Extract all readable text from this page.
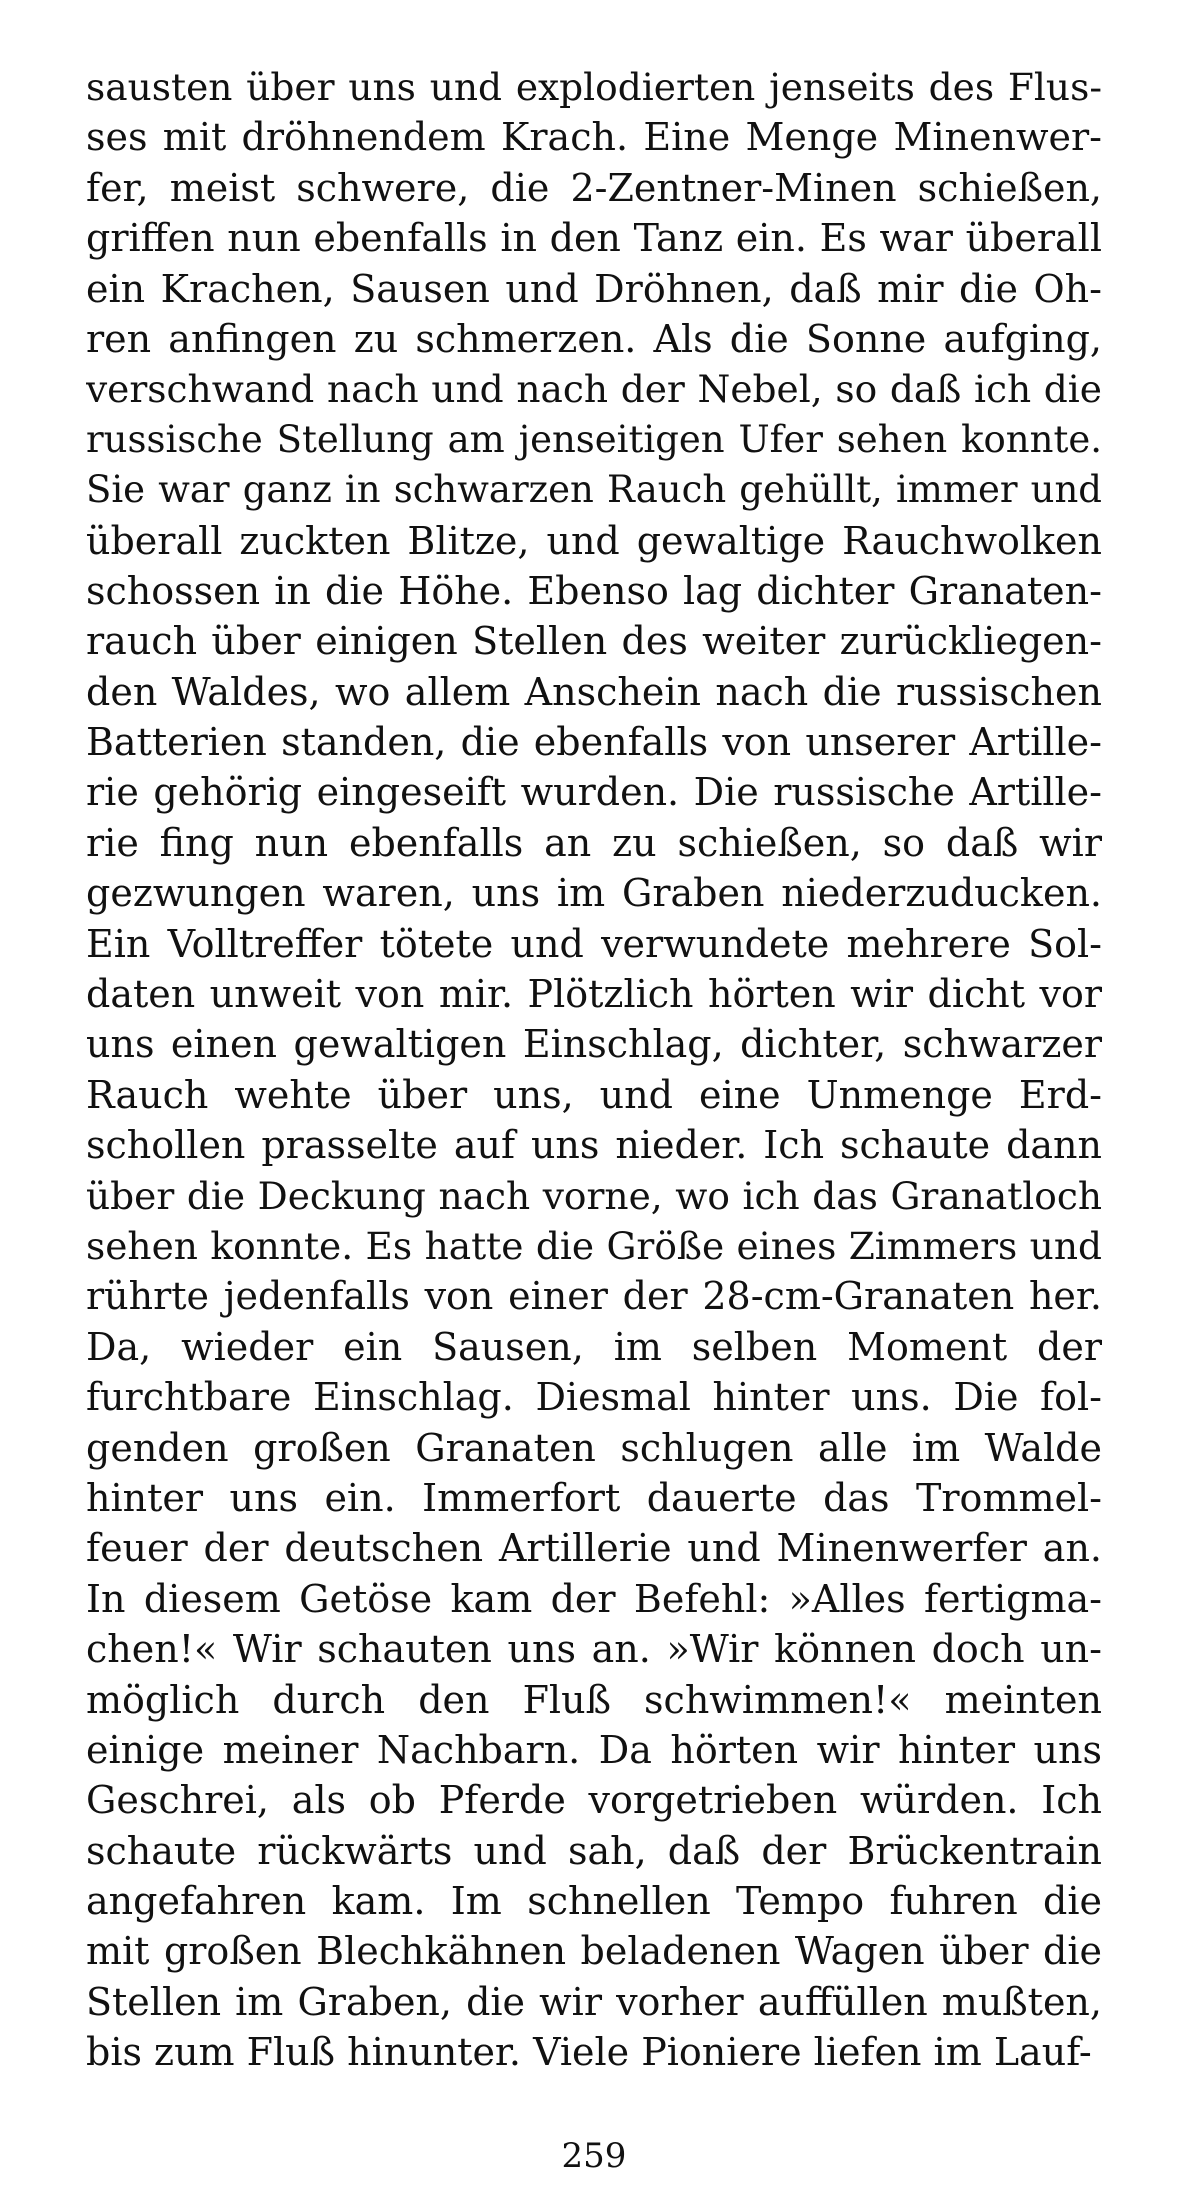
sausten über uns und explodierten jenseits des Flus-
ses mit dröhnendem Krach. Eine Menge Minenwer-
fer, meist schwere, die 2-Zentner-Minen schießen,
griffen nun ebenfalls in den Tanz ein. Es war überall
ein Krachen, Sausen und Dröhnen, daß mir die Oh-
ren anfingen zu schmerzen. Als die Sonne aufging,
verschwand nach und nach der Nebel, so daß ich die
russische Stellung am jenseitigen Ufer sehen konnte.
Sie war ganz in schwarzen Rauch gehüllt, immer und
überall zuckten Blitze, und gewaltige Rauchwolken
schossen in die Höhe. Ebenso lag dichter Granaten-
rauch über einigen Stellen des weiter zurückliegen-
den Waldes, wo allem Anschein nach die russischen
Batterien standen, die ebenfalls von unserer Artille-
rie gehörig eingeseift wurden. Die russische Artille-
rie fing nun ebenfalls an zu schießen, so daß wir
gezwungen waren, uns im Graben niederzuducken.
Ein Volltreffer tötete und verwundete mehrere Sol-
daten unweit von mir. Plötzlich hörten wir dicht vor
uns einen gewaltigen Einschlag, dichter, schwarzer
Rauch wehte über uns, und eine Unmenge Erd-
schollen prasselte auf uns nieder. Ich schaute dann
über die Deckung nach vorne, wo ich das Granatloch
sehen konnte. Es hatte die Größe eines Zimmers und
rührte jedenfalls von einer der 28-cm-Granaten her.
Da, wieder ein Sausen, im selben Moment der
furchtbare Einschlag. Diesmal hinter uns. Die fol-
genden großen Granaten schlugen alle im Walde
hinter uns ein. Immerfort dauerte das Trommel-
feuer der deutschen Artillerie und Minenwerfer an.
In diesem Getöse kam der Befehl: »Alles fertigma-
chen!« Wir schauten uns an. »Wir können doch un-
möglich durch den Fluß schwimmen!« meinten
einige meiner Nachbarn. Da hörten wir hinter uns
Geschrei, als ob Pferde vorgetrieben würden. Ich
schaute rückwärts und sah, daß der Brückentrain
angefahren kam. Im schnellen Tempo fuhren die
mit großen Blechkähnen beladenen Wagen über die
Stellen im Graben, die wir vorher auffüllen mußten,
bis zum Fluß hinunter. Viele Pioniere liefen im Lauf-
259
